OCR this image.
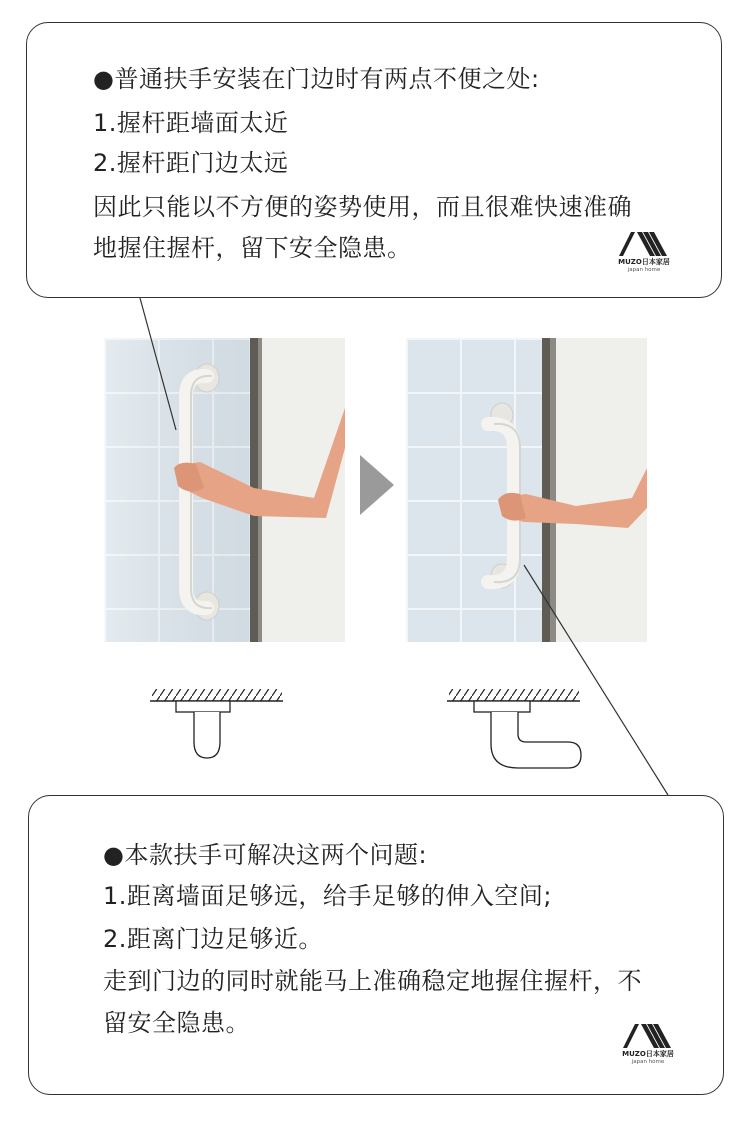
●普通扶手安装在门边时有两点不便之处:
1.握杆距墙面太近
2.握杆距门边太远
因此只能以不方便的姿势使用，而且很难快速准确
地握住握杆，留下安全隐患。	MUZO日本家居
japan home
●本款扶手可解决这两个问题:
1.距离墙面足够远，给手足够的伸入空间;
2.距离门边足够近。
走到门边的同时就能马上准确稳定地握住握杆，不
留安全隐患。
MUZO日本家居
japan home
